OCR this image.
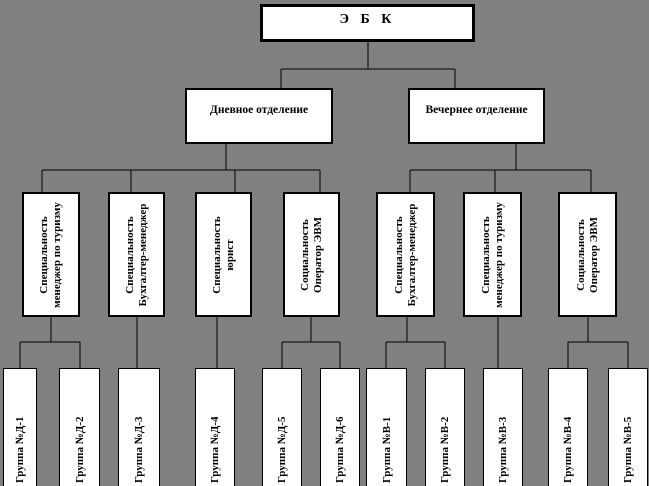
Э Б К
Дневное отделение	Вечернее отделение
Специальность менеджер по туризму	Специальность Бухгалтер-менеджер	Специальность юрист	Социальность Оператор ЭВМ	Специальность Бухгалтер-менеджер	Специальность менеджер по туризму	Социальность Оператор ЭВМ
Группа №Д-1	Группа №Д-2	Группа №Д-3	Группа №Д-4	Группа №Д-5	Группа №Д-6	Группа №В-1	Группа №В-2	Группа №В-3	Группа №В-4	Группа №В-5
